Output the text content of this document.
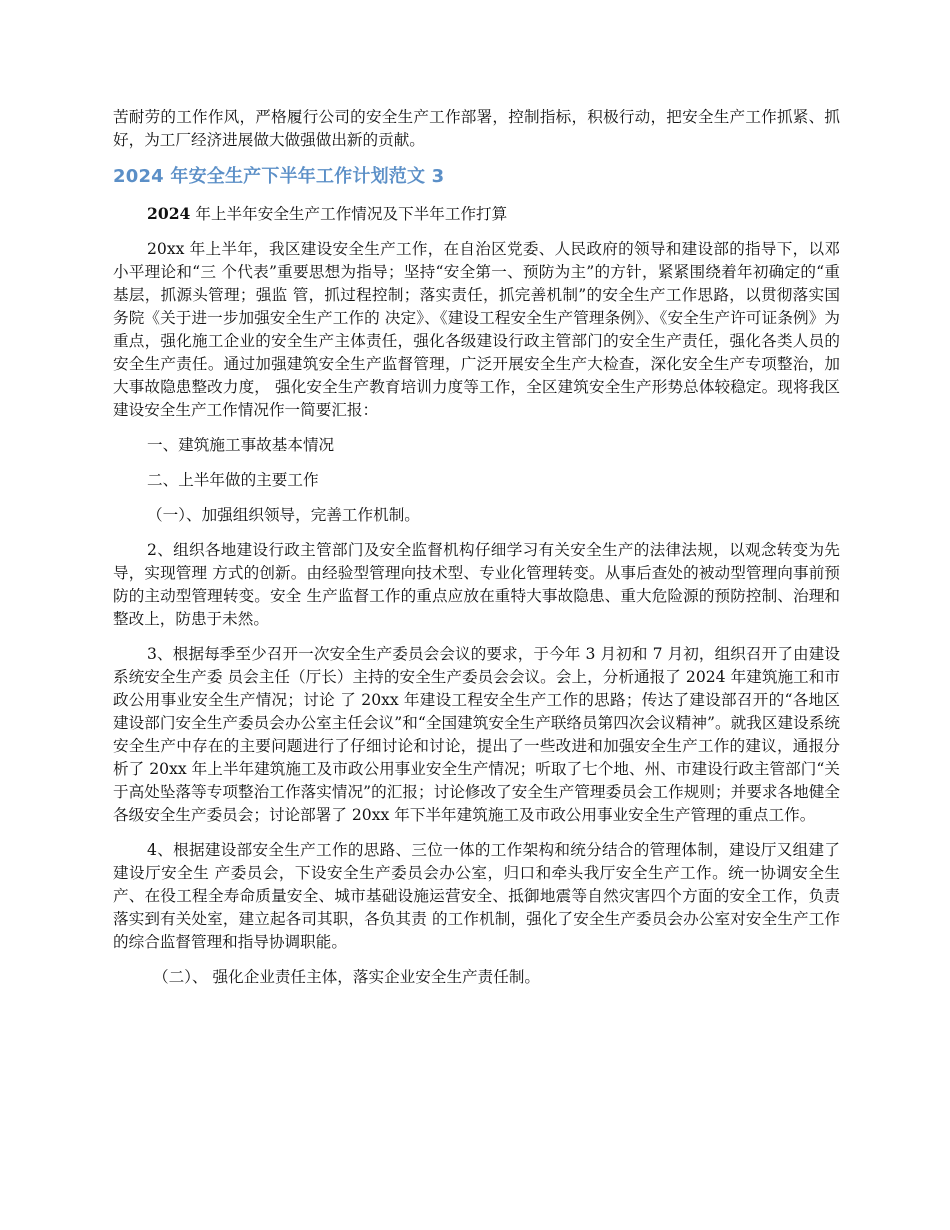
苦耐劳的工作作风，严格履行公司的安全生产工作部署，控制指标，积极行动，把安全生产工作抓紧、抓好，为工厂经济进展做大做强做出新的贡献。

2024 年安全生产下半年工作计划范文 3

2024 年上半年安全生产工作情况及下半年工作打算

20xx 年上半年，我区建设安全生产工作，在自治区党委、人民政府的领导和建设部的指导下，以邓小平理论和“三 个代表”重要思想为指导；坚持“安全第一、预防为主”的方针，紧紧围绕着年初确定的“重基层，抓源头管理；强监 管，抓过程控制；落实责任，抓完善机制”的安全生产工作思路，以贯彻落实国务院《关于进一步加强安全生产工作的 决定》、《建设工程安全生产管理条例》、《安全生产许可证条例》为重点，强化施工企业的安全生产主体责任，强化各级建设行政主管部门的安全生产责任，强化各类人员的安全生产责任。通过加强建筑安全生产监督管理，广泛开展安全生产大检查，深化安全生产专项整治，加大事故隐患整改力度， 强化安全生产教育培训力度等工作，全区建筑安全生产形势总体较稳定。现将我区建设安全生产工作情况作一简要汇报：

一、建筑施工事故基本情况

二、上半年做的主要工作

（一）、加强组织领导，完善工作机制。

2、组织各地建设行政主管部门及安全监督机构仔细学习有关安全生产的法律法规，以观念转变为先导，实现管理 方式的创新。由经验型管理向技术型、专业化管理转变。从事后查处的被动型管理向事前预防的主动型管理转变。安全 生产监督工作的重点应放在重特大事故隐患、重大危险源的预防控制、治理和整改上，防患于未然。

3、根据每季至少召开一次安全生产委员会会议的要求，于今年 3 月初和 7 月初，组织召开了由建设系统安全生产委 员会主任（厅长）主持的安全生产委员会会议。会上，分析通报了 2024 年建筑施工和市政公用事业安全生产情况；讨论 了 20xx 年建设工程安全生产工作的思路；传达了建设部召开的“各地区建设部门安全生产委员会办公室主任会议”和“全国建筑安全生产联络员第四次会议精神”。就我区建设系统安全生产中存在的主要问题进行了仔细讨论和讨论，提出了一些改进和加强安全生产工作的建议，通报分析了 20xx 年上半年建筑施工及市政公用事业安全生产情况；听取了七个地、州、市建设行政主管部门“关于高处坠落等专项整治工作落实情况”的汇报；讨论修改了安全生产管理委员会工作规则；并要求各地健全各级安全生产委员会；讨论部署了 20xx 年下半年建筑施工及市政公用事业安全生产管理的重点工作。

4、根据建设部安全生产工作的思路、三位一体的工作架构和统分结合的管理体制，建设厅又组建了建设厅安全生 产委员会，下设安全生产委员会办公室，归口和牵头我厅安全生产工作。统一协调安全生产、在役工程全寿命质量安全、城市基础设施运营安全、抵御地震等自然灾害四个方面的安全工作，负责落实到有关处室，建立起各司其职，各负其责 的工作机制，强化了安全生产委员会办公室对安全生产工作的综合监督管理和指导协调职能。

（二）、 强化企业责任主体，落实企业安全生产责任制。
